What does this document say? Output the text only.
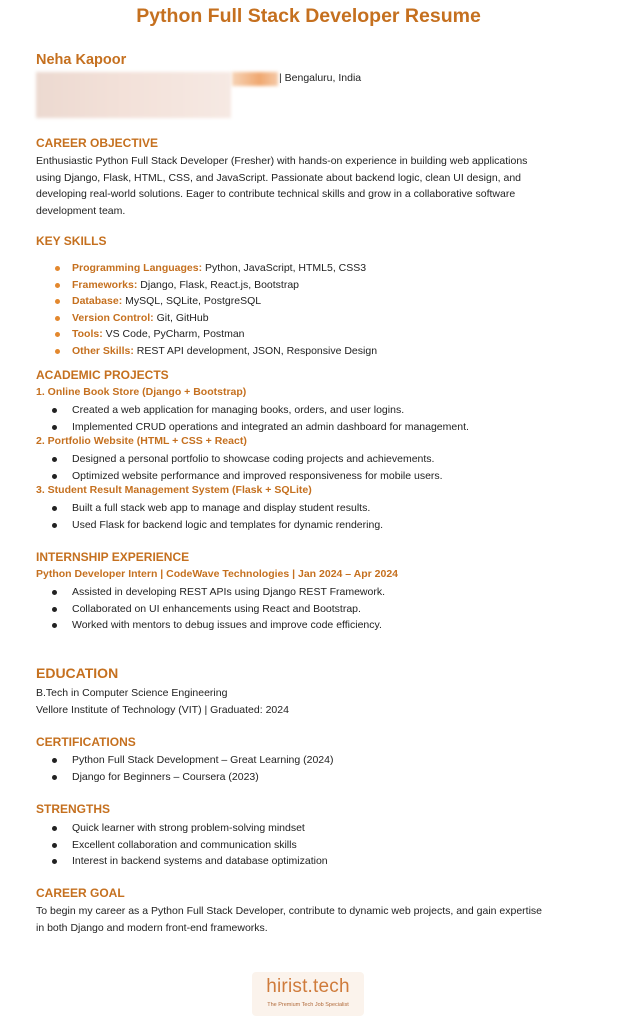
Python Full Stack Developer Resume
Neha Kapoor
| Bengaluru, India
CAREER OBJECTIVE
Enthusiastic Python Full Stack Developer (Fresher) with hands-on experience in building web applications
using Django, Flask, HTML, CSS, and JavaScript. Passionate about backend logic, clean UI design, and
developing real-world solutions. Eager to contribute technical skills and grow in a collaborative software
development team.
KEY SKILLS
Programming Languages: Python, JavaScript, HTML5, CSS3
Frameworks: Django, Flask, React.js, Bootstrap
Database: MySQL, SQLite, PostgreSQL
Version Control: Git, GitHub
Tools: VS Code, PyCharm, Postman
Other Skills: REST API development, JSON, Responsive Design
ACADEMIC PROJECTS
1. Online Book Store (Django + Bootstrap)
Created a web application for managing books, orders, and user logins.
Implemented CRUD operations and integrated an admin dashboard for management.
2. Portfolio Website (HTML + CSS + React)
Designed a personal portfolio to showcase coding projects and achievements.
Optimized website performance and improved responsiveness for mobile users.
3. Student Result Management System (Flask + SQLite)
Built a full stack web app to manage and display student results.
Used Flask for backend logic and templates for dynamic rendering.
INTERNSHIP EXPERIENCE
Python Developer Intern | CodeWave Technologies | Jan 2024 – Apr 2024
Assisted in developing REST APIs using Django REST Framework.
Collaborated on UI enhancements using React and Bootstrap.
Worked with mentors to debug issues and improve code efficiency.
EDUCATION
B.Tech in Computer Science Engineering
Vellore Institute of Technology (VIT) | Graduated: 2024
CERTIFICATIONS
Python Full Stack Development – Great Learning (2024)
Django for Beginners – Coursera (2023)
STRENGTHS
Quick learner with strong problem-solving mindset
Excellent collaboration and communication skills
Interest in backend systems and database optimization
CAREER GOAL
To begin my career as a Python Full Stack Developer, contribute to dynamic web projects, and gain expertise
in both Django and modern front-end frameworks.
hirist.tech
The Premium Tech Job Specialist
